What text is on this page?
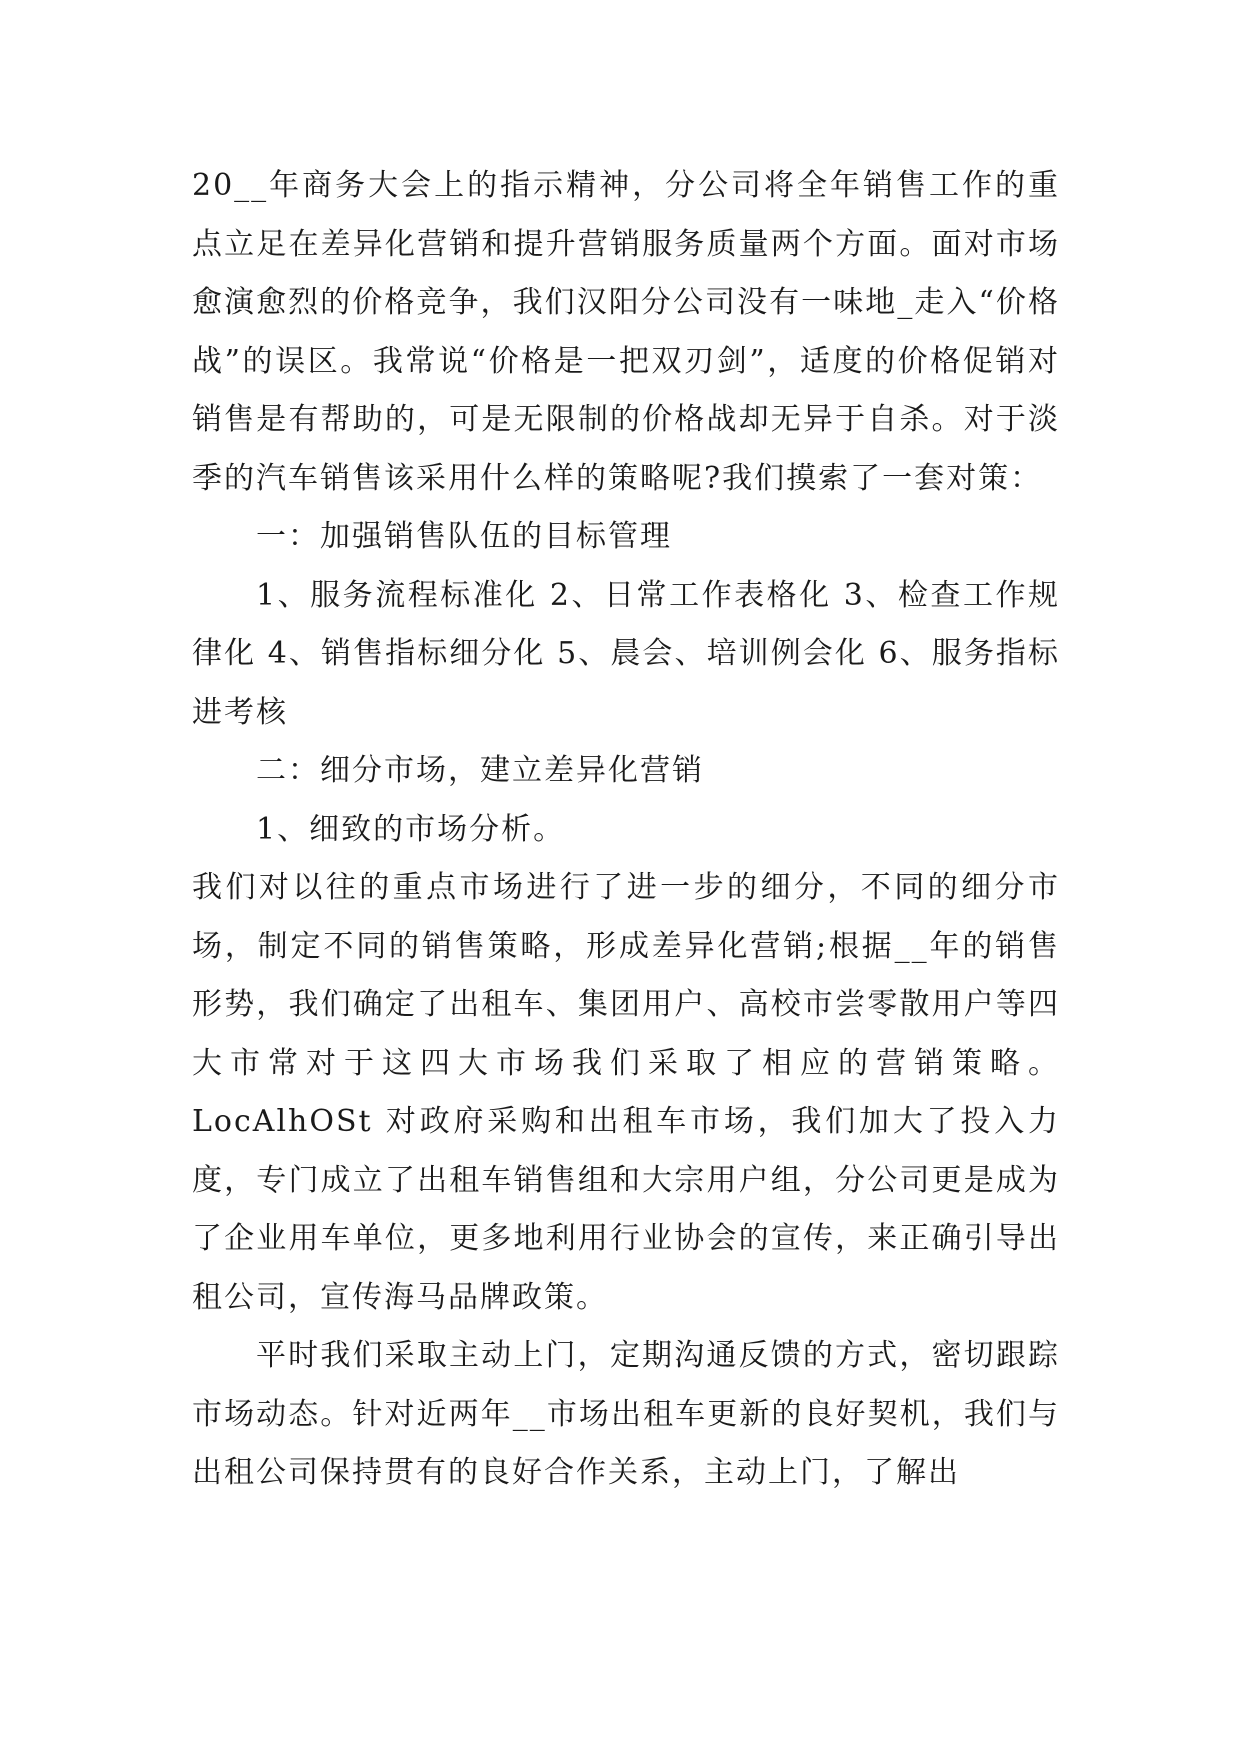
20__年商务大会上的指示精神，分公司将全年销售工作的重点立足在差异化营销和提升营销服务质量两个方面。面对市场愈演愈烈的价格竞争，我们汉阳分公司没有一味地_走入“价格战”的误区。我常说“价格是一把双刃剑”，适度的价格促销对销售是有帮助的，可是无限制的价格战却无异于自杀。对于淡季的汽车销售该采用什么样的策略呢?我们摸索了一套对策：

一：加强销售队伍的目标管理

1、服务流程标准化 2、日常工作表格化 3、检查工作规律化 4、销售指标细分化 5、晨会、培训例会化 6、服务指标进考核

二：细分市场，建立差异化营销

1、细致的市场分析。

我们对以往的重点市场进行了进一步的细分，不同的细分市场，制定不同的销售策略，形成差异化营销;根据__年的销售形势，我们确定了出租车、集团用户、高校市尝零散用户等四大市常对于这四大市场我们采取了相应的营销策略。LocAlhOSt 对政府采购和出租车市场，我们加大了投入力度，专门成立了出租车销售组和大宗用户组，分公司更是成为了企业用车单位，更多地利用行业协会的宣传，来正确引导出租公司，宣传海马品牌政策。

平时我们采取主动上门，定期沟通反馈的方式，密切跟踪市场动态。针对近两年__市场出租车更新的良好契机，我们与出租公司保持贯有的良好合作关系，主动上门，了解出
